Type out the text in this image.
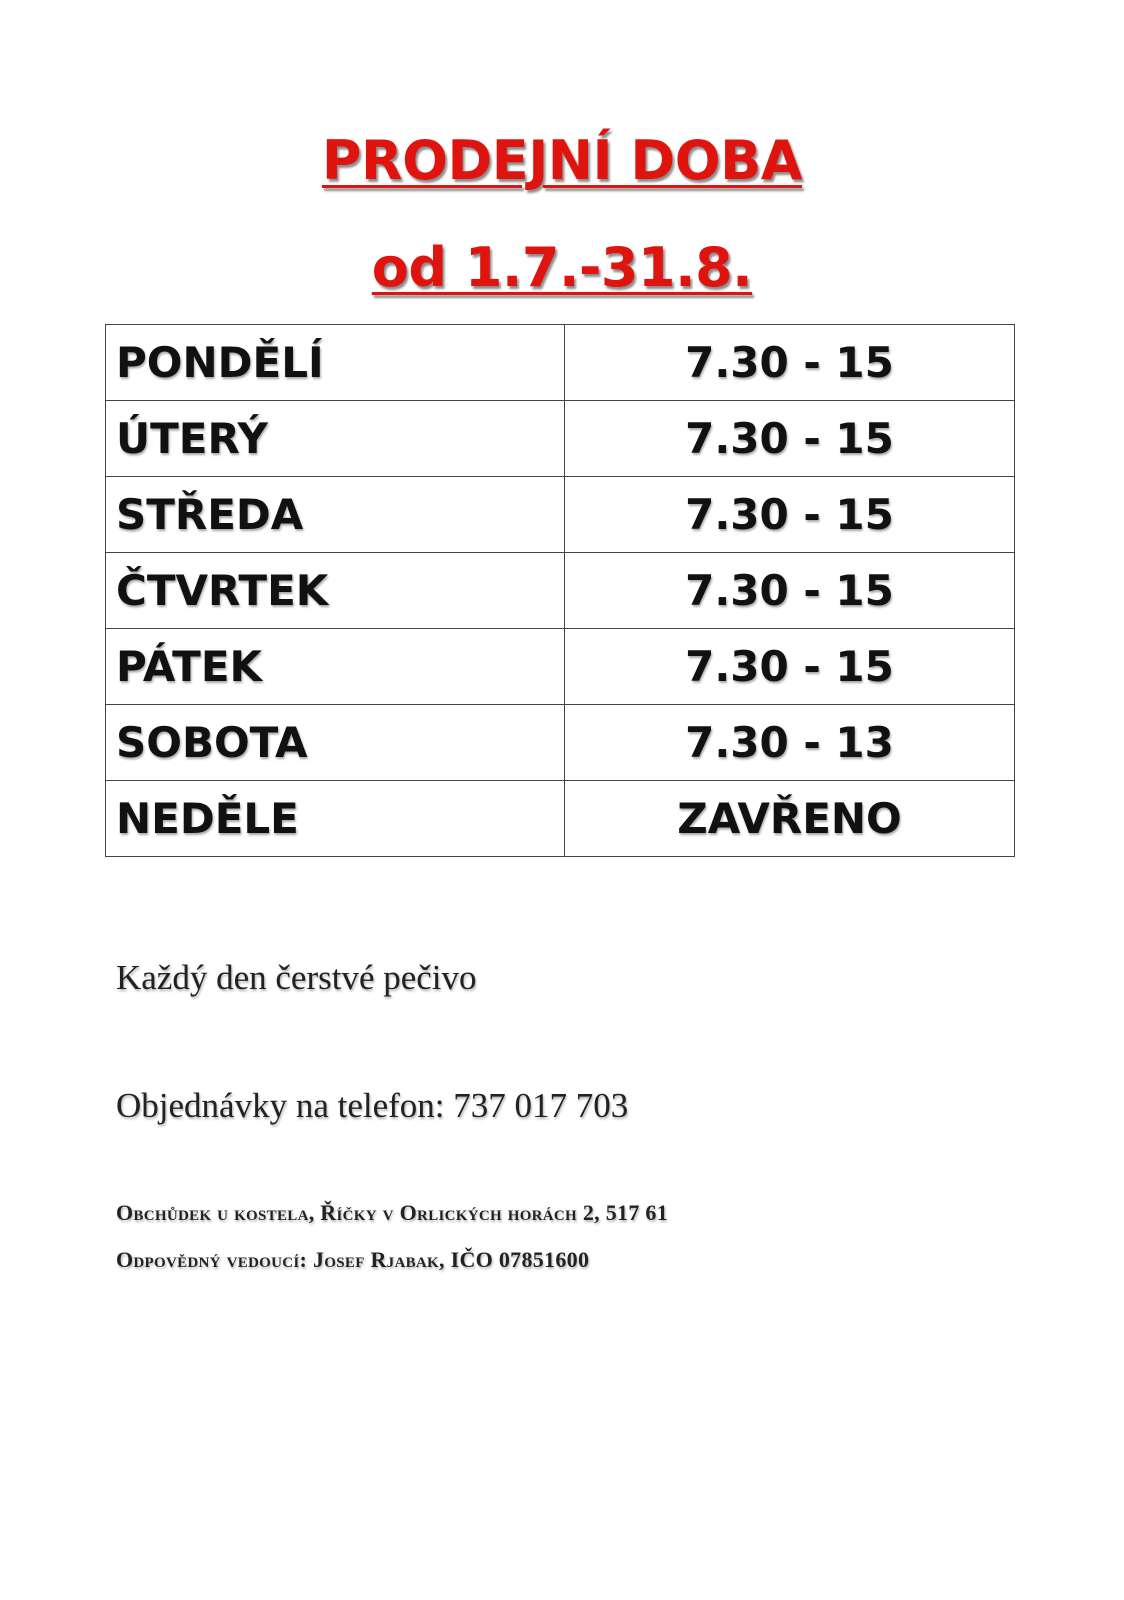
PRODEJNÍ DOBA
od 1.7.-31.8.
PONDĚLÍ	7.30 - 15
ÚTERÝ	7.30 - 15
STŘEDA	7.30 - 15
ČTVRTEK	7.30 - 15
PÁTEK	7.30 - 15
SOBOTA	7.30 - 13
NEDĚLE	ZAVŘENO
Každý den čerstvé pečivo
Objednávky na telefon: 737 017 703
Obchůdek u kostela, Říčky v Orlických horách 2, 517 61
Odpovědný vedoucí: Josef Rjabak, IČO 07851600
